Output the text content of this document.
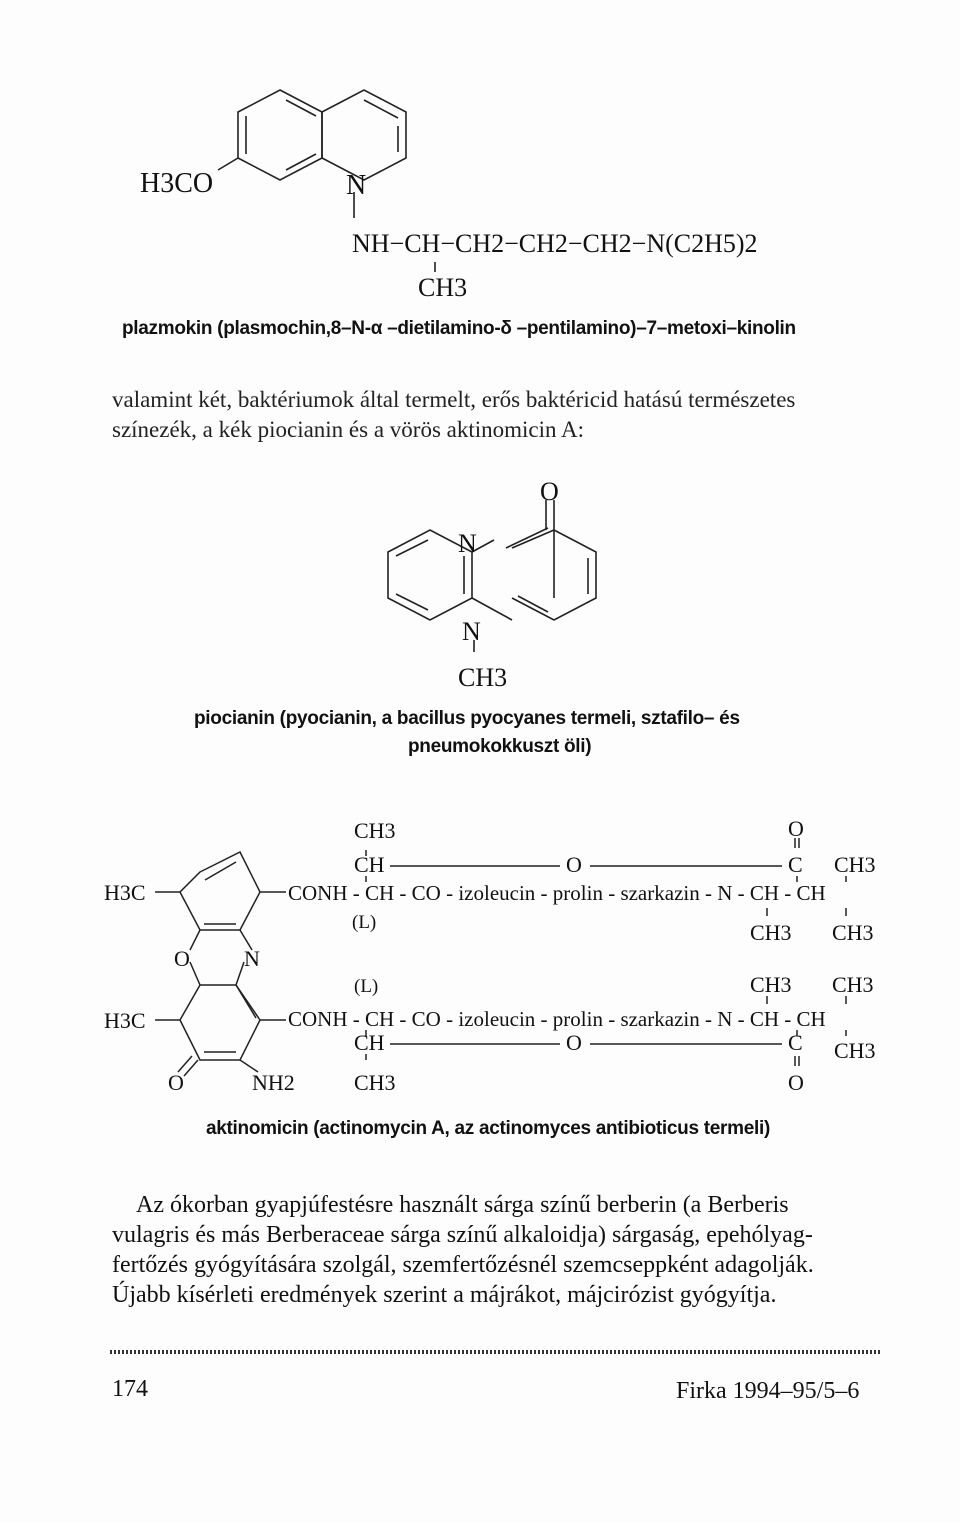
H3CO	N
NH−CH−CH2−CH2−CH2−N(C2H5)2
CH3
plazmokin (plasmochin,8–N-α –dietilamino-δ –pentilamino)–7–metoxi–kinolin
valamint két, baktériumok által termelt, erős baktéricid hatású természetes
színezék, a kék piocianin és a vörös aktinomicin A:
O
N
N
CH3
piocianin (pyocianin, a bacillus pyocyanes termeli, sztafilo– és
pneumokokkuszt öli)
H3C
H3C
O N
O	NH2
CH3
CH	O
O
C CH3
CONH - CH - CO - izoleucin - prolin - szarkazin - N - CH - CH
(L)	CH3 CH3
(L)	CH3 CH3
CONH - CH - CO - izoleucin - prolin - szarkazin - N - CH - CH
CH	O	C CH3
CH3	O
aktinomicin (actinomycin A, az actinomyces antibioticus termeli)
Az ókorban gyapjúfestésre használt sárga színű berberin (a Berberis
vulagris és más Berberaceae sárga színű alkaloidja) sárgaság, epehólyag-
fertőzés gyógyítására szolgál, szemfertőzésnél szemcseppként adagolják.
Újabb kísérleti eredmények szerint a májrákot, májcirózist gyógyítja.
174	Firka 1994–95/5–6
